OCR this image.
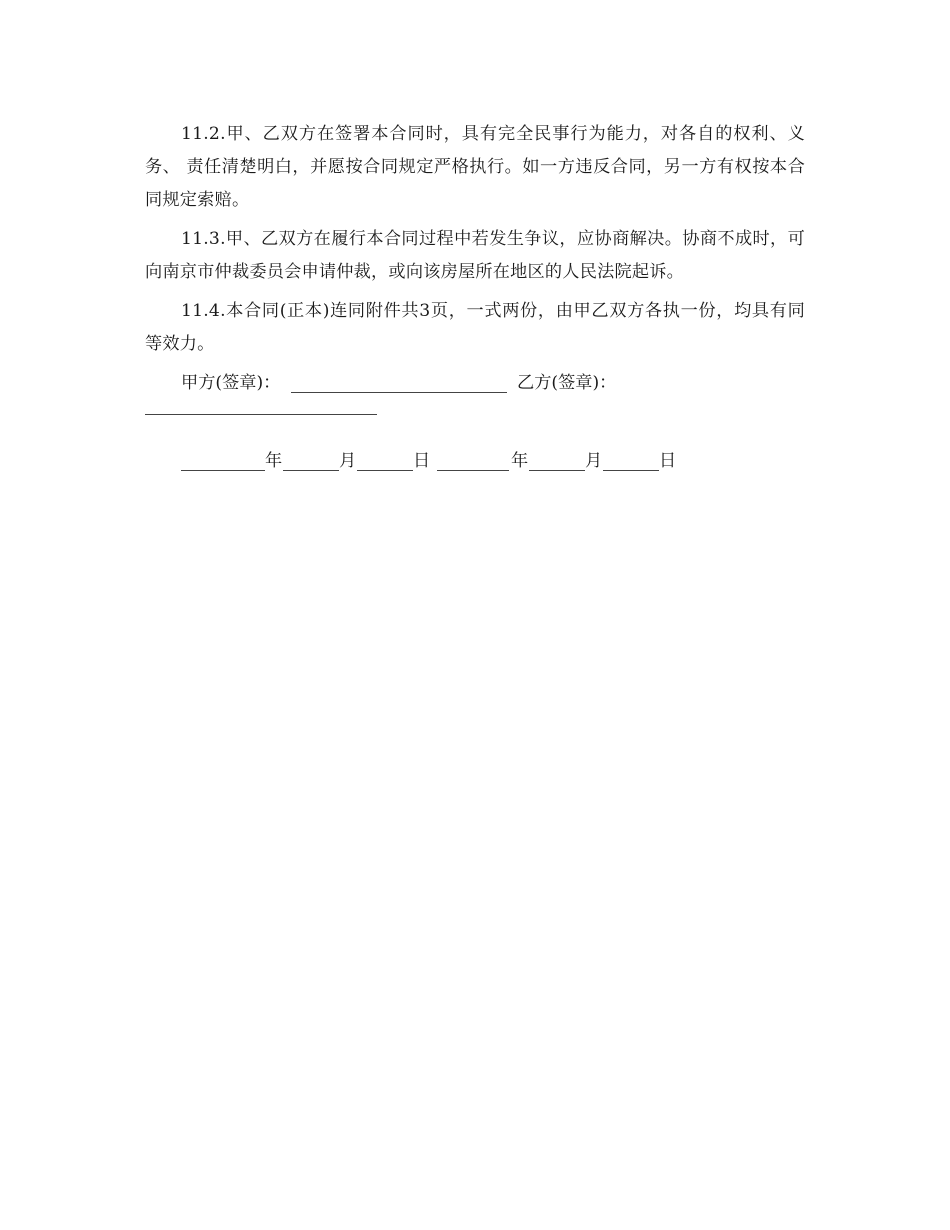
11.2.甲、乙双方在签署本合同时，具有完全民事行为能力，对各自的权利、义务、 责任清楚明白，并愿按合同规定严格执行。如一方违反合同，另一方有权按本合同规定索赔。

11.3.甲、乙双方在履行本合同过程中若发生争议，应协商解决。协商不成时，可向南京市仲裁委员会申请仲裁，或向该房屋所在地区的人民法院起诉。

11.4.本合同(正本)连同附件共3页，一式两份，由甲乙双方各执一份，均具有同等效力。

甲方(签章)：	乙方(签章)：
年	月	日	年	月	日
